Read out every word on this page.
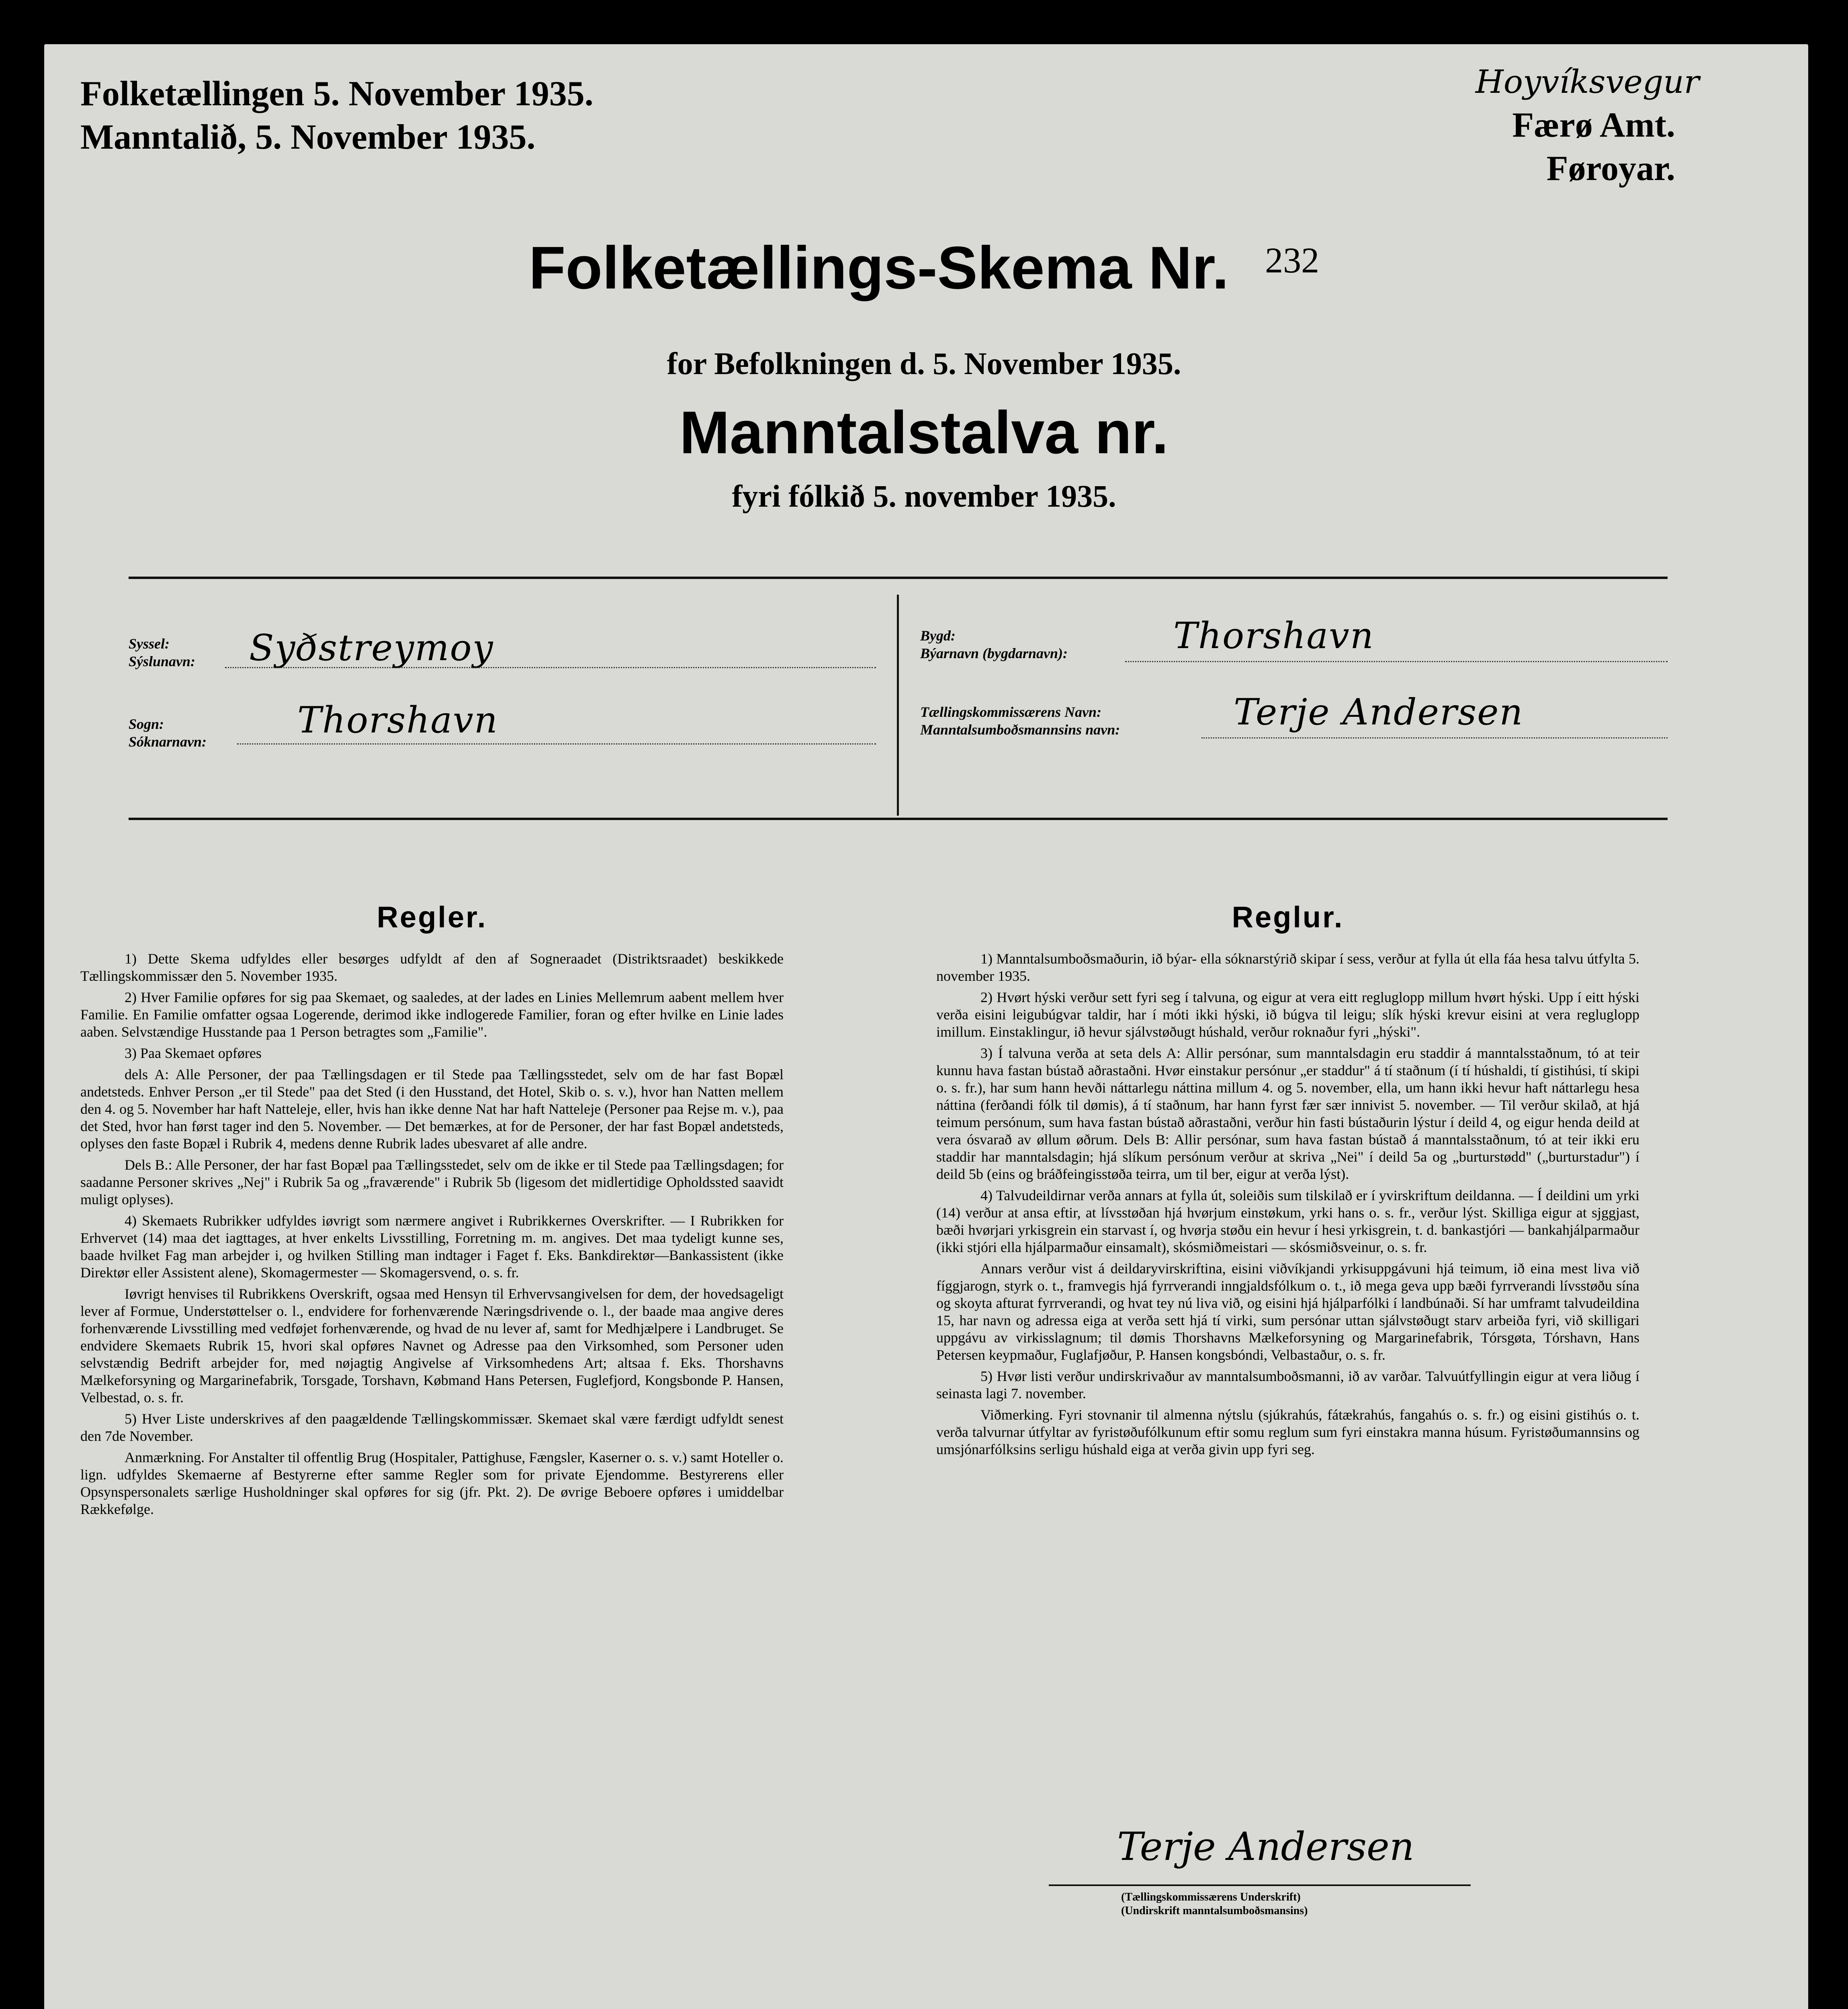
Folketællingen 5. November 1935.
Manntalið, 5. November 1935.
Hoyvíksvegur
Færø Amt.
Føroyar.
Folketællings-Skema Nr. $^{232}$
for Befolkningen d. 5. November 1935.
Manntalstalva nr.
fyri fólkið 5. november 1935.
Syssel:
Sýslunavn: Syðstreymoy
Sogn:
Sóknarnavn:
Thorshavn
Bygd:
Býarnavn (bygdarnavn):	Thorshavn
Tællingskommissærens Navn:
Manntalsumboðsmannsins navn:	Terje Andersen
Regler.

1) Dette Skema udfyldes eller besørges udfyldt af den af Sogneraadet (Distriktsraadet) beskikkede Tællingskommissær den 5. November 1935.

2) Hver Familie opføres for sig paa Skemaet, og saaledes, at der lades en Linies Mellemrum aabent mellem hver Familie. En Familie omfatter ogsaa Logerende, derimod ikke indlogerede Familier, foran og efter hvilke en Linie lades aaben. Selvstændige Husstande paa 1 Person betragtes som „Familie".

3) Paa Skemaet opføres

dels A: Alle Personer, der paa Tællingsdagen er til Stede paa Tællingsstedet, selv om de har fast Bopæl andetsteds. Enhver Person „er til Stede" paa det Sted (i den Husstand, det Hotel, Skib o. s. v.), hvor han Natten mellem den 4. og 5. November har haft Natteleje, eller, hvis han ikke denne Nat har haft Natteleje (Personer paa Rejse m. v.), paa det Sted, hvor han først tager ind den 5. November. — Det bemærkes, at for de Personer, der har fast Bopæl andetsteds, oplyses den faste Bopæl i Rubrik 4, medens denne Rubrik lades ubesvaret af alle andre.

Dels B.: Alle Personer, der har fast Bopæl paa Tællingsstedet, selv om de ikke er til Stede paa Tællingsdagen; for saadanne Personer skrives „Nej" i Rubrik 5a og „fraværende" i Rubrik 5b (ligesom det midlertidige Opholdssted saavidt muligt oplyses).

4) Skemaets Rubrikker udfyldes iøvrigt som nærmere angivet i Rubrikkernes Overskrifter. — I Rubrikken for Erhvervet (14) maa det iagttages, at hver enkelts Livsstilling, Forretning m. m. angives. Det maa tydeligt kunne ses, baade hvilket Fag man arbejder i, og hvilken Stilling man indtager i Faget f. Eks. Bankdirektør—Bankassistent (ikke Direktør eller Assistent alene), Skomagermester — Skomagersvend, o. s. fr.

Iøvrigt henvises til Rubrikkens Overskrift, ogsaa med Hensyn til Erhvervsangivelsen for dem, der hovedsageligt lever af Formue, Understøttelser o. l., endvidere for forhenværende Næringsdrivende o. l., der baade maa angive deres forhenværende Livsstilling med vedføjet forhenværende, og hvad de nu lever af, samt for Medhjælpere i Landbruget. Se endvidere Skemaets Rubrik 15, hvori skal opføres Navnet og Adresse paa den Virksomhed, som Personer uden selvstændig Bedrift arbejder for, med nøjagtig Angivelse af Virksomhedens Art; altsaa f. Eks. Thorshavns Mælkeforsyning og Margarinefabrik, Torsgade, Torshavn, Købmand Hans Petersen, Fuglefjord, Kongsbonde P. Hansen, Velbestad, o. s. fr.

5) Hver Liste underskrives af den paagældende Tællingskommissær. Skemaet skal være færdigt udfyldt senest den 7de November.

Anmærkning. For Anstalter til offentlig Brug (Hospitaler, Pattighuse, Fængsler, Kaserner o. s. v.) samt Hoteller o. lign. udfyldes Skemaerne af Bestyrerne efter samme Regler som for private Ejendomme. Bestyrerens eller Opsynspersonalets særlige Husholdninger skal opføres for sig (jfr. Pkt. 2). De øvrige Beboere opføres i umiddelbar Rækkefølge.

Reglur.

1) Manntalsumboðsmaðurin, ið býar- ella sóknarstýrið skipar í sess, verður at fylla út ella fáa hesa talvu útfylta 5. november 1935.

2) Hvørt hýski verður sett fyri seg í talvuna, og eigur at vera eitt regluglopp millum hvørt hýski. Upp í eitt hýski verða eisini leigubúgvar taldir, har í móti ikki hýski, ið búgva til leigu; slík hýski krevur eisini at vera regluglopp imillum. Einstaklingur, ið hevur sjálvstøðugt húshald, verður roknaður fyri „hýski".

3) Í talvuna verða at seta dels A: Allir persónar, sum manntalsdagin eru staddir á manntalsstaðnum, tó at teir kunnu hava fastan bústað aðrastaðni. Hvør einstakur persónur „er staddur" á tí staðnum (í tí húshaldi, tí gistihúsi, tí skipi o. s. fr.), har sum hann hevði náttarlegu náttina millum 4. og 5. november, ella, um hann ikki hevur haft náttarlegu hesa náttina (ferðandi fólk til dømis), á tí staðnum, har hann fyrst fær sær innivist 5. november. — Til verður skilað, at hjá teimum persónum, sum hava fastan bústað aðrastaðni, verður hin fasti bústaðurin lýstur í deild 4, og eigur henda deild at vera ósvarað av øllum øðrum. Dels B: Allir persónar, sum hava fastan bústað á manntalsstaðnum, tó at teir ikki eru staddir har manntalsdagin; hjá slíkum persónum verður at skriva „Nei" í deild 5a og „burturstødd" („burturstadur") í deild 5b (eins og bráðfeingisstøða teirra, um til ber, eigur at verða lýst).

4) Talvudeildirnar verða annars at fylla út, soleiðis sum tilskilað er í yvirskriftum deildanna. — Í deildini um yrki (14) verður at ansa eftir, at lívsstøðan hjá hvørjum einstøkum, yrki hans o. s. fr., verður lýst. Skilliga eigur at sjggjast, bæði hvørjari yrkisgrein ein starvast í, og hvørja støðu ein hevur í hesi yrkisgrein, t. d. bankastjóri — bankahjálparmaður (ikki stjóri ella hjálparmaður einsamalt), skósmiðmeistari — skósmiðsveinur, o. s. fr.

Annars verður vist á deildaryvirskriftina, eisini viðvíkjandi yrkisuppgávuni hjá teimum, ið eina mest liva við fíggjarogn, styrk o. t., framvegis hjá fyrrverandi inngjaldsfólkum o. t., ið mega geva upp bæði fyrrverandi lívsstøðu sína og skoyta afturat fyrrverandi, og hvat tey nú liva við, og eisini hjá hjálparfólki í landbúnaði. Sí har umframt talvudeildina 15, har navn og adressa eiga at verða sett hjá tí virki, sum persónar uttan sjálvstøðugt starv arbeiða fyri, við skilligari uppgávu av virkisslagnum; til dømis Thorshavns Mælkeforsyning og Margarinefabrik, Tórsgøta, Tórshavn, Hans Petersen keypmaður, Fuglafjøður, P. Hansen kongsbóndi, Velbastaður, o. s. fr.

5) Hvør listi verður undirskrivaður av manntalsumboðsmanni, ið av varðar. Talvuútfyllingin eigur at vera liðug í seinasta lagi 7. november.

Viðmerking. Fyri stovnanir til almenna nýtslu (sjúkrahús, fátækrahús, fangahús o. s. fr.) og eisini gistihús o. t. verða talvurnar útfyltar av fyristøðufólkunum eftir somu reglum sum fyri einstakra manna húsum. Fyristøðumannsins og umsjónarfólksins serligu húshald eiga at verða givin upp fyri seg.

Terje Andersen
(Tællingskommissærens Underskrift)
(Undirskrift manntalsumboðsmansins)
